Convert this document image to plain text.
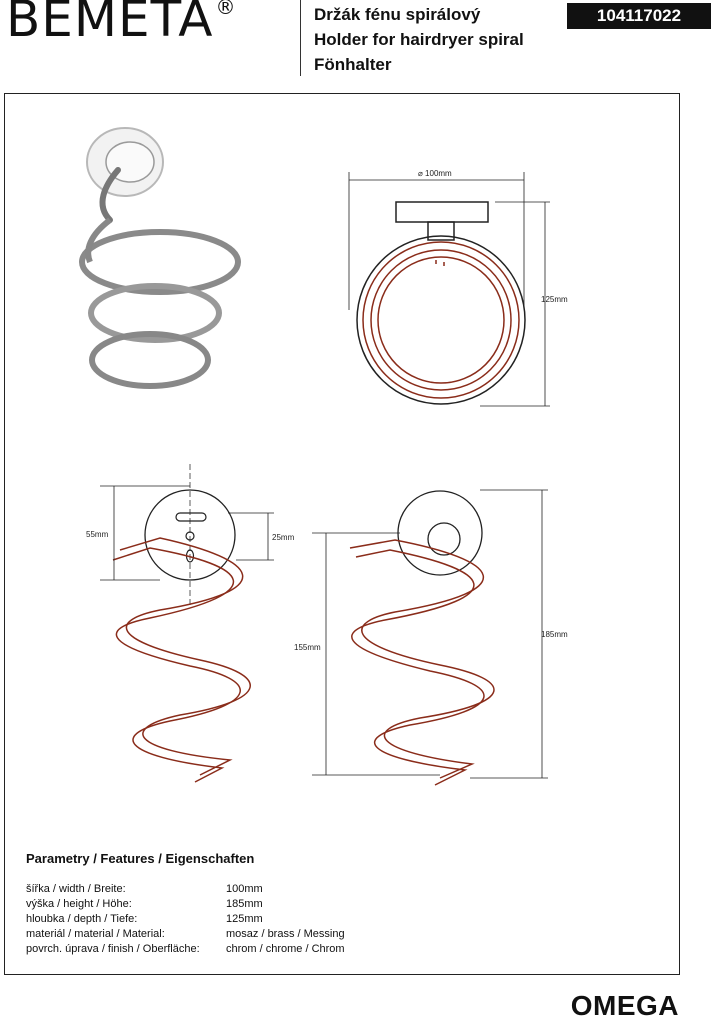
BEMETA ®	Držák fénu spirálový
Holder for hairdryer spiral
Fönhalter
104117022
⌀ 100mm
125mm
55mm	25mm
155mm
185mm
Parametry / Features / Eigenschaften
šířka / width / Breite:	100mm
výška / height / Höhe:	185mm
hloubka / depth / Tiefe:	125mm
materiál / material / Material:	mosaz / brass / Messing
povrch. úprava / finish / Oberfläche:	chrom / chrome / Chrom
OMEGA
